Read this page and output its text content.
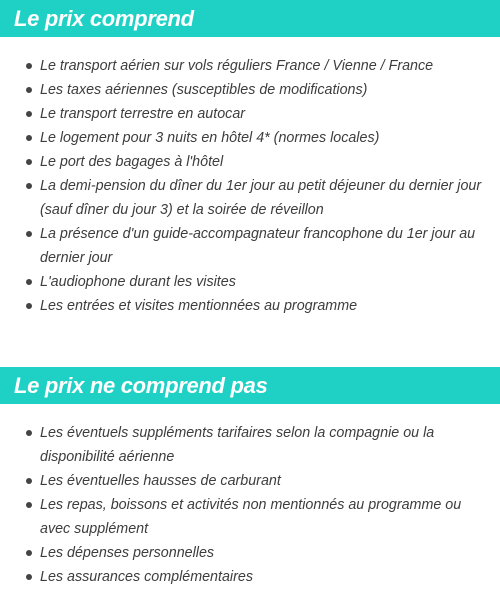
Le prix comprend
Le transport aérien sur vols réguliers France / Vienne / France
Les taxes aériennes (susceptibles de modifications)
Le transport terrestre en autocar
Le logement pour 3 nuits en hôtel 4* (normes locales)
Le port des bagages à l'hôtel
La demi-pension du dîner du 1er jour au petit déjeuner du dernier jour (sauf dîner du jour 3) et la soirée de réveillon
La présence d'un guide-accompagnateur francophone du 1er jour au dernier jour
L'audiophone durant les visites
Les entrées et visites mentionnées au programme
Le prix ne comprend pas
Les éventuels suppléments tarifaires selon la compagnie ou la disponibilité aérienne
Les éventuelles hausses de carburant
Les repas, boissons et activités non mentionnés au programme ou avec supplément
Les dépenses personnelles
Les assurances complémentaires
